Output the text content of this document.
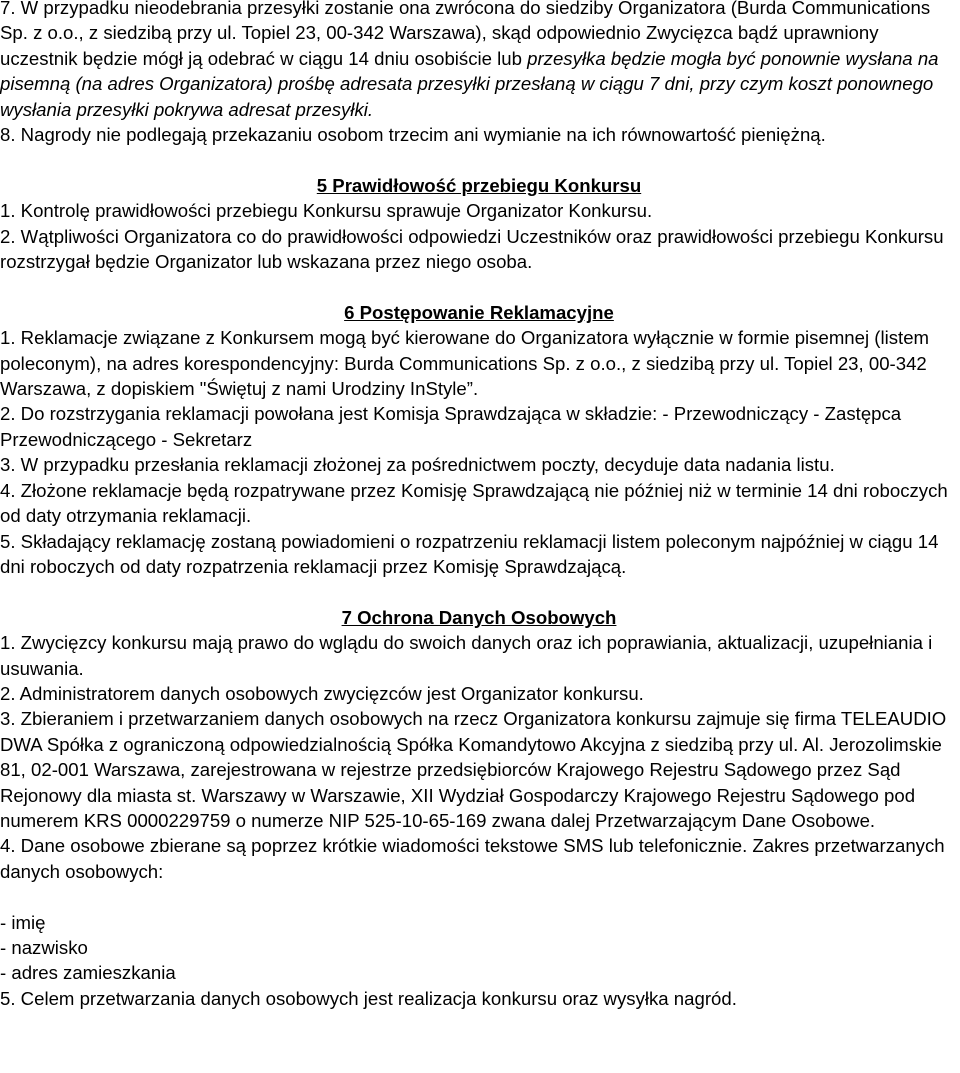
7. W przypadku nieodebrania przesyłki zostanie ona zwrócona do siedziby Organizatora (Burda Communications Sp. z o.o., z siedzibą przy ul. Topiel 23, 00-342 Warszawa), skąd odpowiednio Zwycięzca bądź uprawniony uczestnik będzie mógł ją odebrać w ciągu 14 dniu osobiście lub przesyłka będzie mogła być ponownie wysłana na pisemną (na adres Organizatora) prośbę adresata przesyłki przesłaną w ciągu 7 dni, przy czym koszt ponownego wysłania przesyłki pokrywa adresat przesyłki.

8. Nagrody nie podlegają przekazaniu osobom trzecim ani wymianie na ich równowartość pieniężną.

5 Prawidłowość przebiegu Konkursu

1. Kontrolę prawidłowości przebiegu Konkursu sprawuje Organizator Konkursu.

2. Wątpliwości Organizatora co do prawidłowości odpowiedzi Uczestników oraz prawidłowości przebiegu Konkursu rozstrzygał będzie Organizator lub wskazana przez niego osoba.

6 Postępowanie Reklamacyjne

1. Reklamacje związane z Konkursem mogą być kierowane do Organizatora wyłącznie w formie pisemnej (listem poleconym), na adres korespondencyjny: Burda Communications Sp. z o.o., z siedzibą przy ul. Topiel 23, 00-342 Warszawa, z dopiskiem "Świętuj z nami Urodziny InStyle”.

2. Do rozstrzygania reklamacji powołana jest Komisja Sprawdzająca w składzie: - Przewodniczący - Zastępca Przewodniczącego - Sekretarz

3. W przypadku przesłania reklamacji złożonej za pośrednictwem poczty, decyduje data nadania listu.

4. Złożone reklamacje będą rozpatrywane przez Komisję Sprawdzającą nie później niż w terminie 14 dni roboczych od daty otrzymania reklamacji.

5. Składający reklamację zostaną powiadomieni o rozpatrzeniu reklamacji listem poleconym najpóźniej w ciągu 14 dni roboczych od daty rozpatrzenia reklamacji przez Komisję Sprawdzającą.

7 Ochrona Danych Osobowych

1. Zwycięzcy konkursu mają prawo do wglądu do swoich danych oraz ich poprawiania, aktualizacji, uzupełniania i usuwania.

2. Administratorem danych osobowych zwycięzców jest Organizator konkursu.

3. Zbieraniem i przetwarzaniem danych osobowych na rzecz Organizatora konkursu zajmuje się firma TELEAUDIO DWA Spółka z ograniczoną odpowiedzialnością Spółka Komandytowo Akcyjna z siedzibą przy ul. Al. Jerozolimskie 81, 02-001 Warszawa, zarejestrowana w rejestrze przedsiębiorców Krajowego Rejestru Sądowego przez Sąd Rejonowy dla miasta st. Warszawy w Warszawie, XII Wydział Gospodarczy Krajowego Rejestru Sądowego pod numerem KRS 0000229759 o numerze NIP 525-10-65-169 zwana dalej Przetwarzającym Dane Osobowe.

4. Dane osobowe zbierane są poprzez krótkie wiadomości tekstowe SMS lub telefonicznie. Zakres przetwarzanych danych osobowych:

- imię

- nazwisko

- adres zamieszkania

5. Celem przetwarzania danych osobowych jest realizacja konkursu oraz wysyłka nagród.
